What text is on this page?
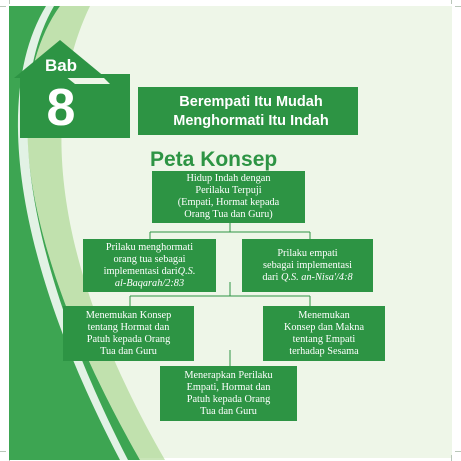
Bab
8	Berempati Itu Mudah
Menghormati Itu Indah
Peta Konsep
Hidup Indah dengan
Perilaku Terpuji
(Empati, Hormat kepada
Orang Tua dan Guru)
Prilaku menghormati
orang tua sebagai
implementasi dariQ.S.
al-Baqarah/2:83
Prilaku empati
sebagai implementasi
dari Q.S. an-Nisa'/4:8
Menemukan Konsep
tentang Hormat dan
Patuh kepada Orang
Tua dan Guru
Menemukan
Konsep dan Makna
tentang Empati
terhadap Sesama
Menerapkan Perilaku
Empati, Hormat dan
Patuh kepada Orang
Tua dan Guru
